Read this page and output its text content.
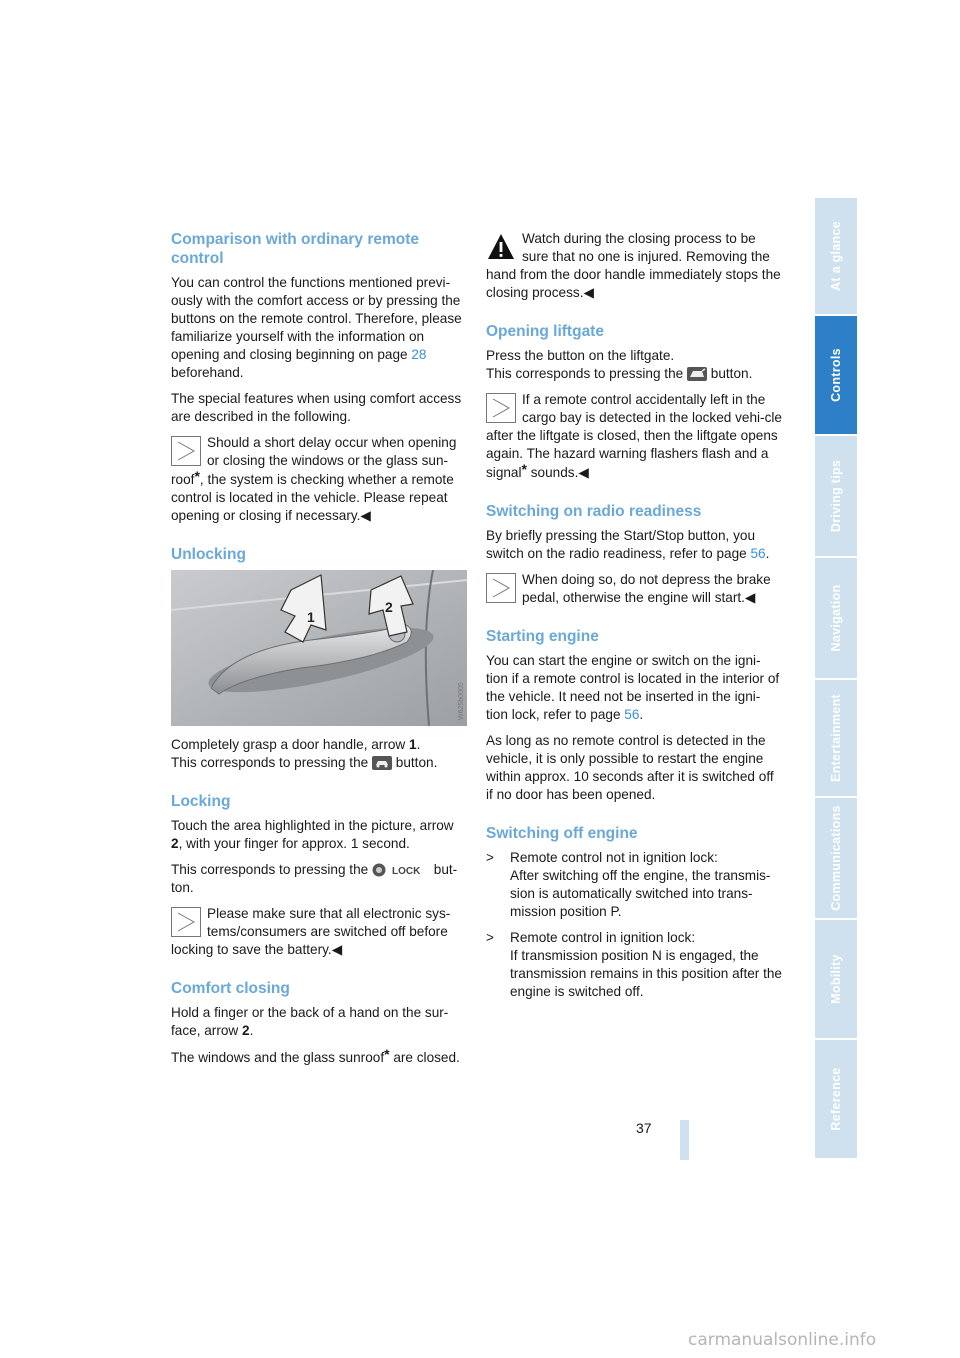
Comparison with ordinary remote control

You can control the functions mentioned previ-ously with the comfort access or by pressing the buttons on the remote control. Therefore, please familiarize yourself with the information on opening and closing beginning on page 28 beforehand.

The special features when using comfort access are described in the following.

Should a short delay occur when opening or closing the windows or the glass sun-roof*, the system is checking whether a remote control is located in the vehicle. Please repeat opening or closing if necessary.◀
Unlocking
1
2
W625b0005

Completely grasp a door handle, arrow 1.

This corresponds to pressing the  button.

Locking

Touch the area highlighted in the picture, arrow 2, with your finger for approx. 1 second.

This corresponds to pressing the LOCK but-ton.

Please make sure that all electronic sys-tems/consumers are switched off before locking to save the battery.◀
Comfort closing

Hold a finger or the back of a hand on the sur-face, arrow 2.

The windows and the glass sunroof* are closed.

Watch during the closing process to be sure that no one is injured. Removing the hand from the door handle immediately stops the closing process.◀
Opening liftgate

Press the button on the liftgate.

This corresponds to pressing the  button.

If a remote control accidentally left in the cargo bay is detected in the locked vehi-cle after the liftgate is closed, then the liftgate opens again. The hazard warning flashers flash and a signal* sounds.◀
Switching on radio readiness

By briefly pressing the Start/Stop button, you switch on the radio readiness, refer to page 56.

When doing so, do not depress the brake pedal, otherwise the engine will start.◀
Starting engine

You can start the engine or switch on the igni-tion if a remote control is located in the interior of the vehicle. It need not be inserted in the igni-tion lock, refer to page 56.

As long as no remote control is detected in the vehicle, it is only possible to restart the engine within approx. 10 seconds after it is switched off if no door has been opened.

Switching off engine
> Remote control not in ignition lock:
After switching off the engine, the transmis-sion is automatically switched into trans-mission position P.
> Remote control in ignition lock:
If transmission position N is engaged, the transmission remains in this position after the engine is switched off.
At a glance
Controls
Driving tips
Navigation
Entertainment
Communications
Mobility
Reference
37
carmanualsonline.info
